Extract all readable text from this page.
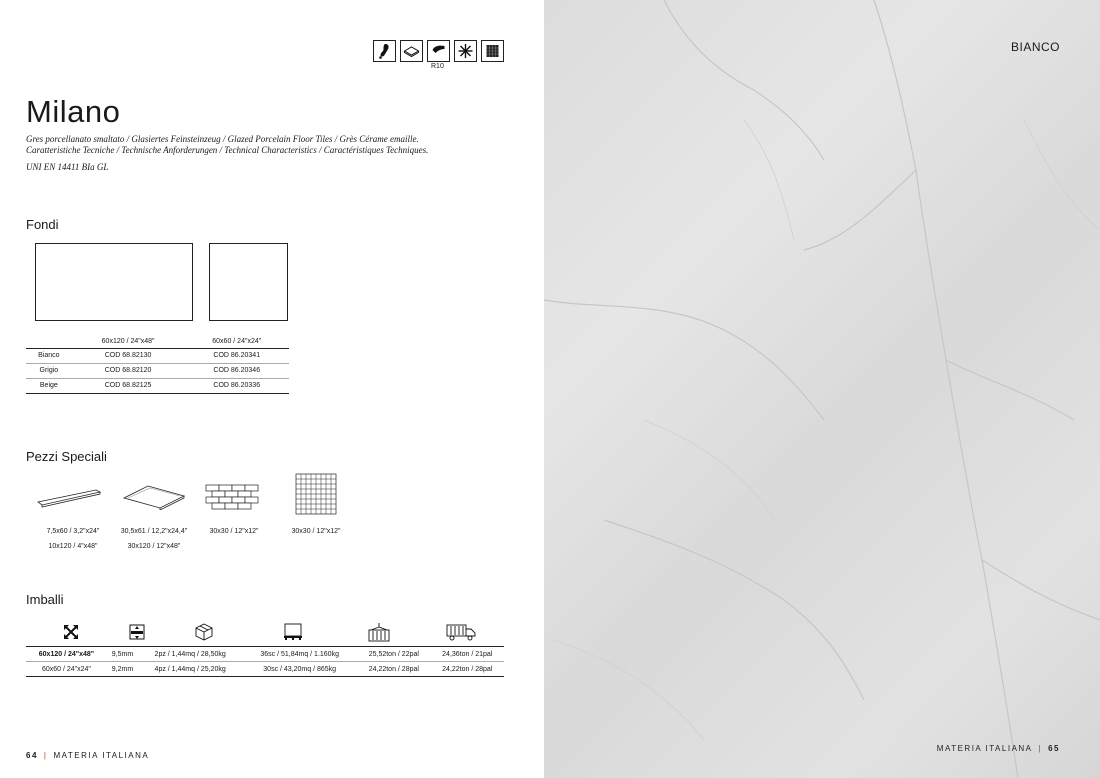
R10
Milano
Gres porcellanato smaltato / Glasiertes Feinsteinzeug / Glazed Porcelain Floor Tiles / Grès Cérame emaille.
Caratteristiche Tecniche / Technische Anforderungen / Technical Characteristics / Caractéristiques Techniques.
UNI EN 14411 BIa GL
Fondi
	60x120 / 24"x48"	60x60 / 24"x24"
Bianco	COD 68.82130	COD 86.20341
Grigio	COD 68.82120	COD 86.20346
Beige	COD 68.82125	COD 86.20336
Pezzi Speciali
7,5x60 / 3,2"x24"
10x120 / 4"x48"
30,5x61 / 12,2"x24,4"
30x120 / 12"x48"
30x30 / 12"x12"	30x30 / 12"x12"
Imballi
60x120 / 24"x48"	9,5mm	2pz / 1,44mq / 28,50kg	36sc / 51,84mq / 1.160kg	25,52ton / 22pal	24,36ton / 21pal
60x60 / 24"x24"	9,2mm	4pz / 1,44mq / 25,20kg	30sc / 43,20mq / 865kg	24,22ton / 28pal	24,22ton / 28pal
64 | MATERIA ITALIANA
BIANCO
MATERIA ITALIANA | 65
